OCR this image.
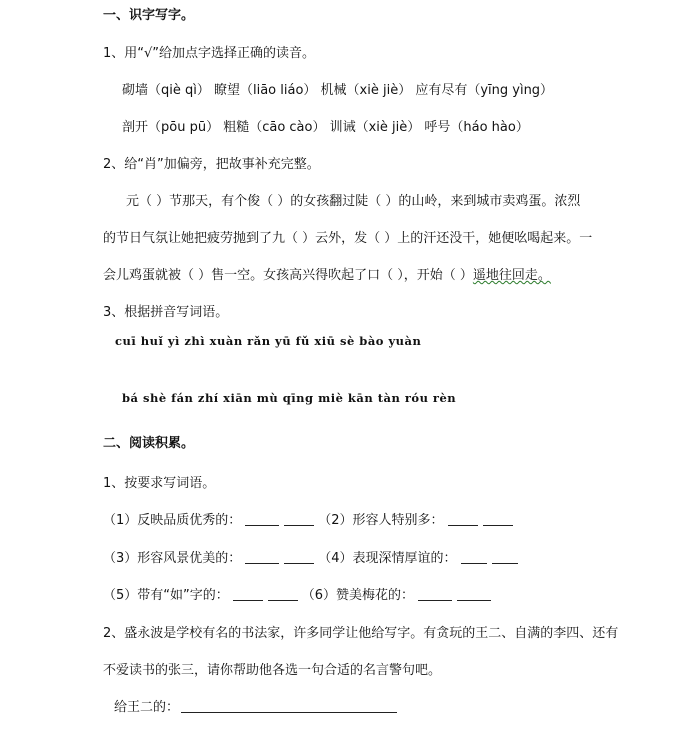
一、识字写字。
1、用“√”给加点字选择正确的读音。
砌墙（qiè qì） 瞭望（liāo liáo） 机械（xiè jiè） 应有尽有（yīng yìng）
剖开（pōu pū） 粗糙（cāo cào） 训诫（xiè jiè） 呼号（háo hào）
2、给“肖”加偏旁，把故事补充完整。
元（ ）节那天，有个俊（ ）的女孩翻过陡（ ）的山岭，来到城市卖鸡蛋。浓烈
的节日气氛让她把疲劳抛到了九（ ）云外，发（ ）上的汗还没干，她便吆喝起来。一
会儿鸡蛋就被（ ）售一空。女孩高兴得吹起了口（ ），开始（ ）遥地往回走。
3、根据拼音写词语。
cuī huǐ yì zhì xuàn rǎn yū fǔ xiū sè bào yuàn
bá shè fán zhí xiān mù qīng miè kān tàn róu rèn
二、阅读积累。
1、按要求写词语。
（1）反映品质优秀的：	（2）形容人特别多：
（3）形容风景优美的：	（4）表现深情厚谊的：
（5）带有“如”字的：	（6）赞美梅花的：
2、盛永波是学校有名的书法家，许多同学让他给写字。有贪玩的王二、自满的李四、还有
不爱读书的张三，请你帮助他各选一句合适的名言警句吧。
给王二的：
